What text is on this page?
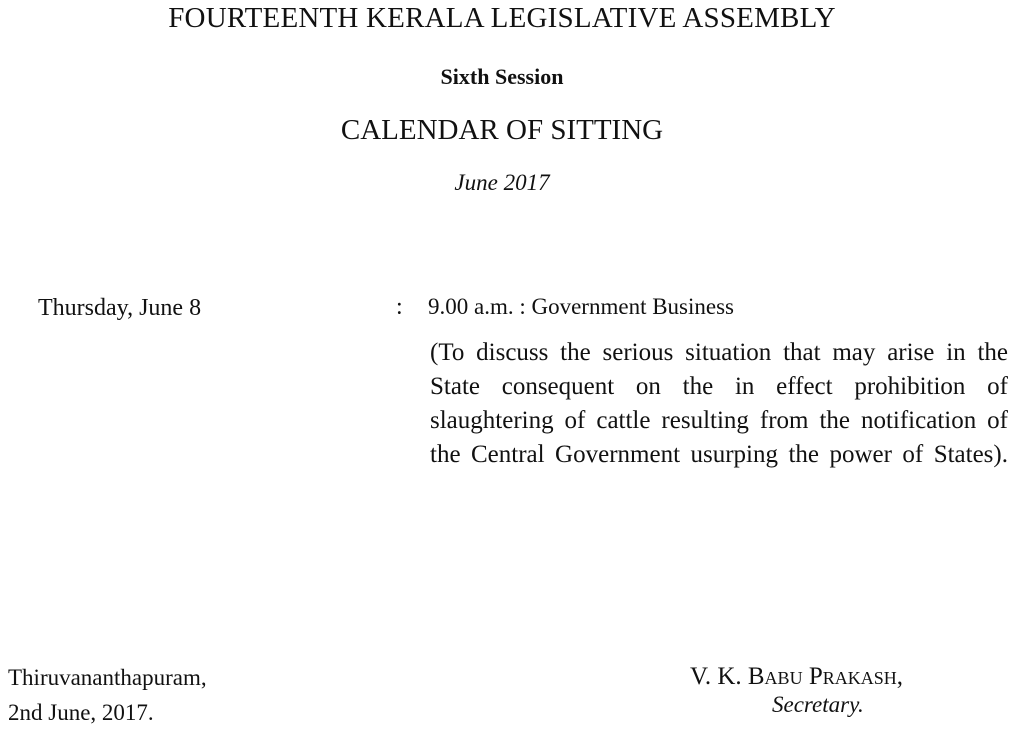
FOURTEENTH KERALA LEGISLATIVE ASSEMBLY
Sixth Session
CALENDAR OF SITTING
June 2017
Thursday, June 8	: 9.00 a.m. : Government Business
(To discuss the serious situation that may arise in the State consequent on the in effect prohibition of slaughtering of cattle resulting from the notification of the Central Government usurping the power of States).
Thiruvananthapuram,
2nd June, 2017.
V. K. Babu Prakash,
Secretary.
